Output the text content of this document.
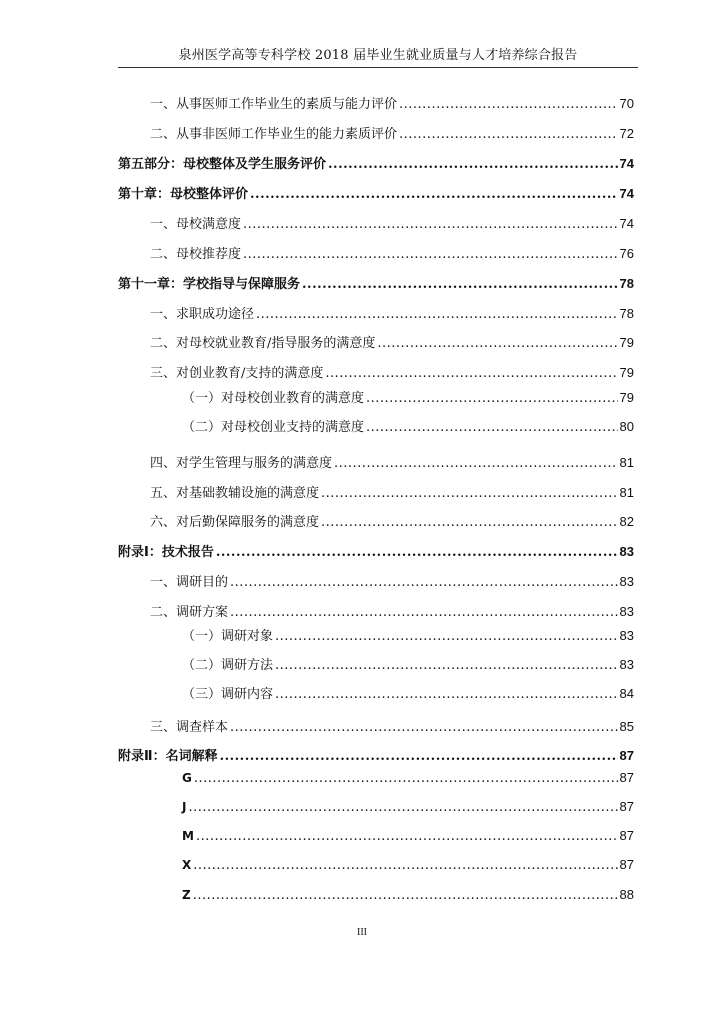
泉州医学高等专科学校 2018 届毕业生就业质量与人才培养综合报告
一、从事医师工作毕业生的素质与能力评价 .....	70
二、从事非医师工作毕业生的能力素质评价 .....	72
第五部分：母校整体及学生服务评价 .....	74
第十章：母校整体评价 .....	74
一、母校满意度 .....	74
二、母校推荐度 .....	76
第十一章：学校指导与保障服务 .....	78
一、求职成功途径 .....	78
二、对母校就业教育/指导服务的满意度 .....	79
三、对创业教育/支持的满意度 .....	79
（一）对母校创业教育的满意度 .....	79
（二）对母校创业支持的满意度 .....	80
四、对学生管理与服务的满意度 .....	81
五、对基础教辅设施的满意度 .....	81
六、对后勤保障服务的满意度 .....	82
附录Ⅰ：技术报告 .....	83
一、调研目的 .....	83
二、调研方案 .....	83
（一）调研对象 .....	83
（二）调研方法 .....	83
（三）调研内容 .....	84
三、调查样本 .....	85
附录Ⅱ：名词解释 .....	87
G .....	87
J .....	87
M .....	87
X .....	87
Z .....	88
III
